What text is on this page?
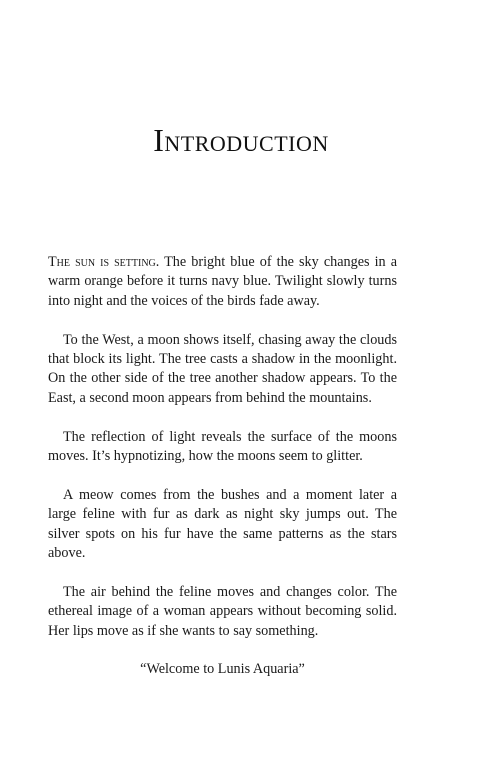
Introduction

The sun is setting. The bright blue of the sky changes in a warm orange before it turns navy blue. Twilight slowly turns into night and the voices of the birds fade away.

To the West, a moon shows itself, chasing away the clouds that block its light. The tree casts a shadow in the moonlight. On the other side of the tree another shadow appears. To the East, a second moon appears from behind the mountains.

The reflection of light reveals the surface of the moons moves. It’s hypnotizing, how the moons seem to glitter.

A meow comes from the bushes and a moment later a large feline with fur as dark as night sky jumps out. The silver spots on his fur have the same patterns as the stars above.

The air behind the feline moves and changes color. The ethereal image of a woman appears without becoming solid. Her lips move as if she wants to say something.

“Welcome to Lunis Aquaria”
